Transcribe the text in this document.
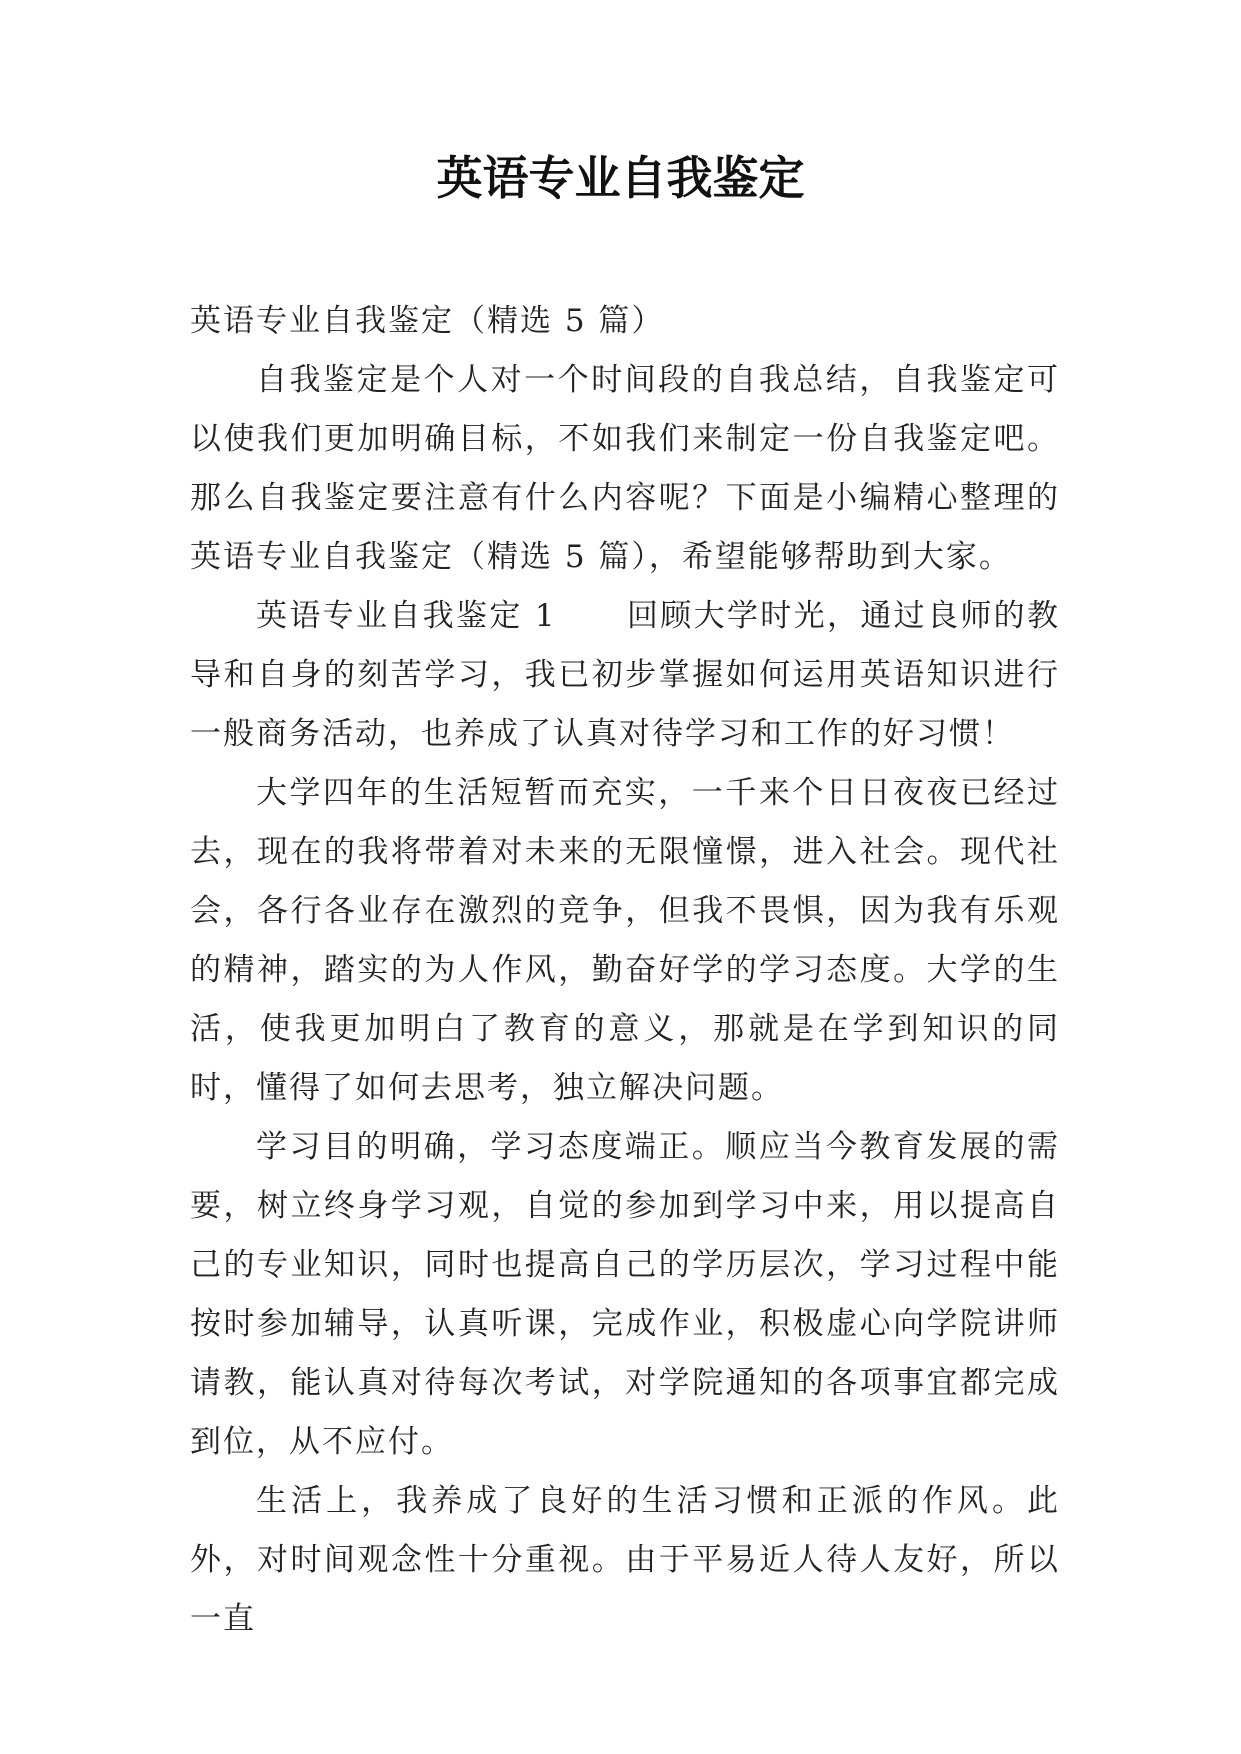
英语专业自我鉴定

英语专业自我鉴定（精选 5 篇）

自我鉴定是个人对一个时间段的自我总结，自我鉴定可以使我们更加明确目标，不如我们来制定一份自我鉴定吧。那么自我鉴定要注意有什么内容呢？下面是小编精心整理的英语专业自我鉴定（精选 5 篇），希望能够帮助到大家。

英语专业自我鉴定 1 回顾大学时光，通过良师的教导和自身的刻苦学习，我已初步掌握如何运用英语知识进行一般商务活动，也养成了认真对待学习和工作的好习惯！

大学四年的生活短暂而充实，一千来个日日夜夜已经过去，现在的我将带着对未来的无限憧憬，进入社会。现代社会，各行各业存在激烈的竞争，但我不畏惧，因为我有乐观的精神，踏实的为人作风，勤奋好学的学习态度。大学的生活，使我更加明白了教育的意义，那就是在学到知识的同时，懂得了如何去思考，独立解决问题。

学习目的明确，学习态度端正。顺应当今教育发展的需要，树立终身学习观，自觉的参加到学习中来，用以提高自己的专业知识，同时也提高自己的学历层次，学习过程中能按时参加辅导，认真听课，完成作业，积极虚心向学院讲师请教，能认真对待每次考试，对学院通知的各项事宜都完成到位，从不应付。

生活上，我养成了良好的生活习惯和正派的作风。此外，对时间观念性十分重视。由于平易近人待人友好，所以一直
